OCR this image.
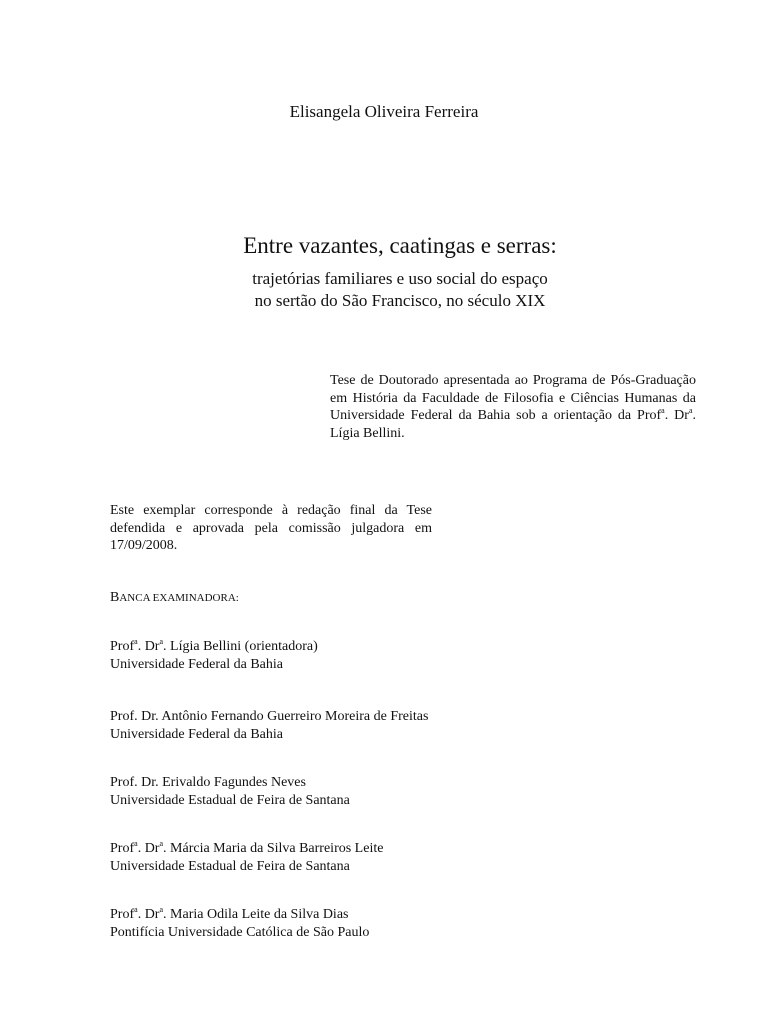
Elisangela Oliveira Ferreira
Entre vazantes, caatingas e serras:
trajetórias familiares e uso social do espaço
no sertão do São Francisco, no século XIX
Tese de Doutorado apresentada ao Programa de Pós-Graduação em História da Faculdade de Filosofia e Ciências Humanas da Universidade Federal da Bahia sob a orientação da Prof$^a$. Dr$^a$. Lígia Bellini.
Este exemplar corresponde à redação final da Tese defendida e aprovada pela comissão julgadora em 17/09/2008.
BANCA EXAMINADORA:
Prof$^a$. Dr$^a$. Lígia Bellini (orientadora)
Universidade Federal da Bahia
Prof. Dr. Antônio Fernando Guerreiro Moreira de Freitas
Universidade Federal da Bahia
Prof. Dr. Erivaldo Fagundes Neves
Universidade Estadual de Feira de Santana
Prof$^a$. Dr$^a$. Márcia Maria da Silva Barreiros Leite
Universidade Estadual de Feira de Santana
Prof$^a$. Dr$^a$. Maria Odila Leite da Silva Dias
Pontifícia Universidade Católica de São Paulo
